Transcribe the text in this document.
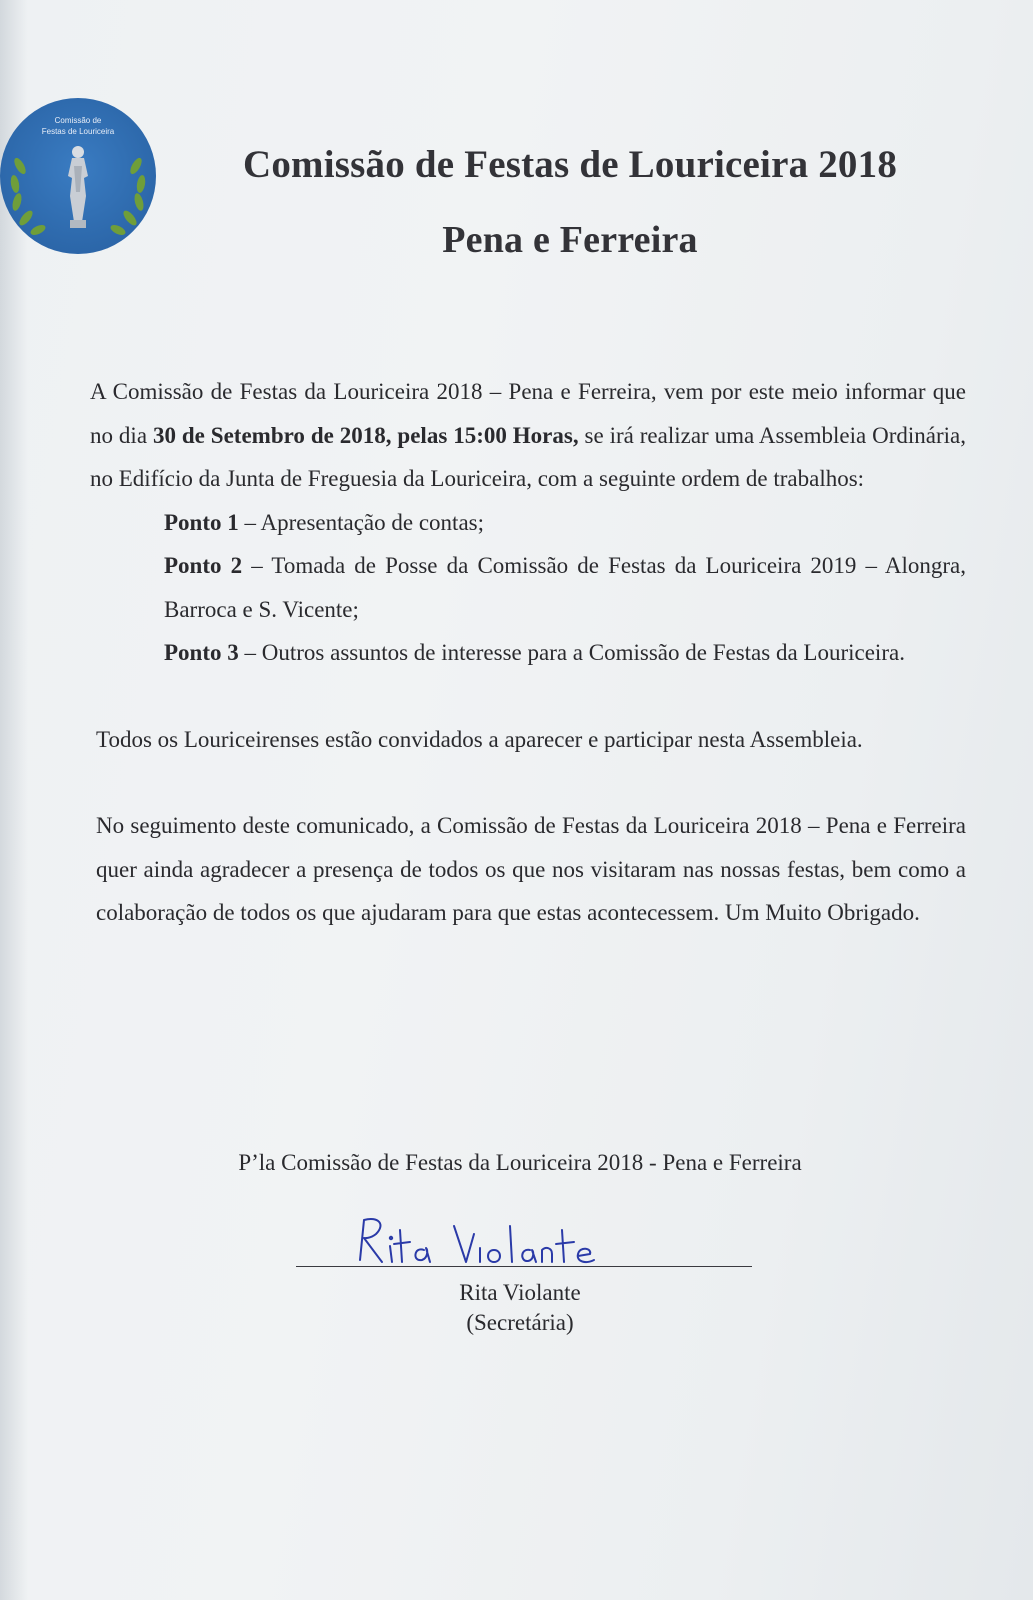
Comissão de
Festas de Louriceira
Comissão de Festas de Louriceira 2018
Pena e Ferreira

A Comissão de Festas da Louriceira 2018 – Pena e Ferreira, vem por este meio informar que no dia 30 de Setembro de 2018, pelas 15:00 Horas, se irá realizar uma Assembleia Ordinária, no Edifício da Junta de Freguesia da Louriceira, com a seguinte ordem de trabalhos:

Ponto 1 – Apresentação de contas;

Ponto 2 – Tomada de Posse da Comissão de Festas da Louriceira 2019 – Alongra, Barroca e S. Vicente;

Ponto 3 – Outros assuntos de interesse para a Comissão de Festas da Louriceira.

Todos os Louriceirenses estão convidados a aparecer e participar nesta Assembleia.

No seguimento deste comunicado, a Comissão de Festas da Louriceira 2018 – Pena e Ferreira quer ainda agradecer a presença de todos os que nos visitaram nas nossas festas, bem como a colaboração de todos os que ajudaram para que estas acontecessem. Um Muito Obrigado.

P’la Comissão de Festas da Louriceira 2018 - Pena e Ferreira
Rita Violante
(Secretária)
